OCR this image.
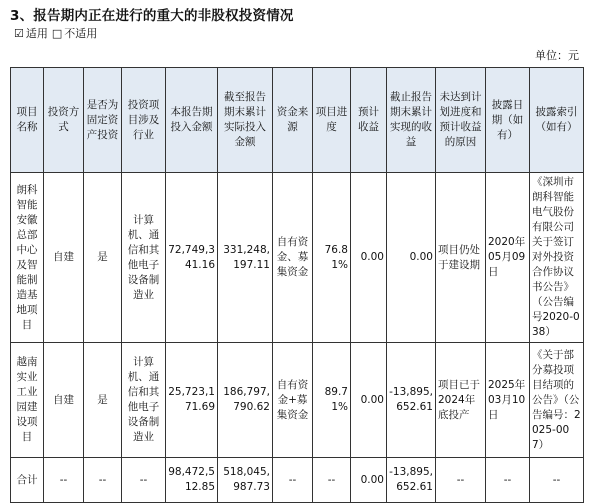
3、报告期内正在进行的重大的非股权投资情况
☑ 适用 □ 不适用
单位：元
项目名称	投资方式	是否为固定资产投资	投资项目涉及行业	本报告期投入金额	截至报告期末累计实际投入金额	资金来源	项目进度	预计收益	截止报告期末累计实现的收益	未达到计划进度和预计收益的原因	披露日期（如有）	披露索引（如有）
朗科智能安徽总部中心及智能制造基地项目	自建	是	计算机、通信和其他电子设备制造业	72,749,341.16	331,248,197.11	自有资金、募集资金	76.81%	0.00	0.00	项目仍处于建设期	2020年05月09日	《深圳市朗科智能电气股份有限公司关于签订对外投资合作协议书公告》（公告编号2020-038）
越南实业工业园建设项目	自建	是	计算机、通信和其他电子设备制造业	25,723,171.69	186,797,790.62	自有资金+募集资金	89.71%	0.00	-13,895,652.61	项目已于2024年底投产	2025年03月10日	《关于部分募投项目结项的公告》（公告编号：2025-007）
合计	--	--	--	98,472,512.85	518,045,987.73	--	--	0.00	-13,895,652.61	--	--	--
